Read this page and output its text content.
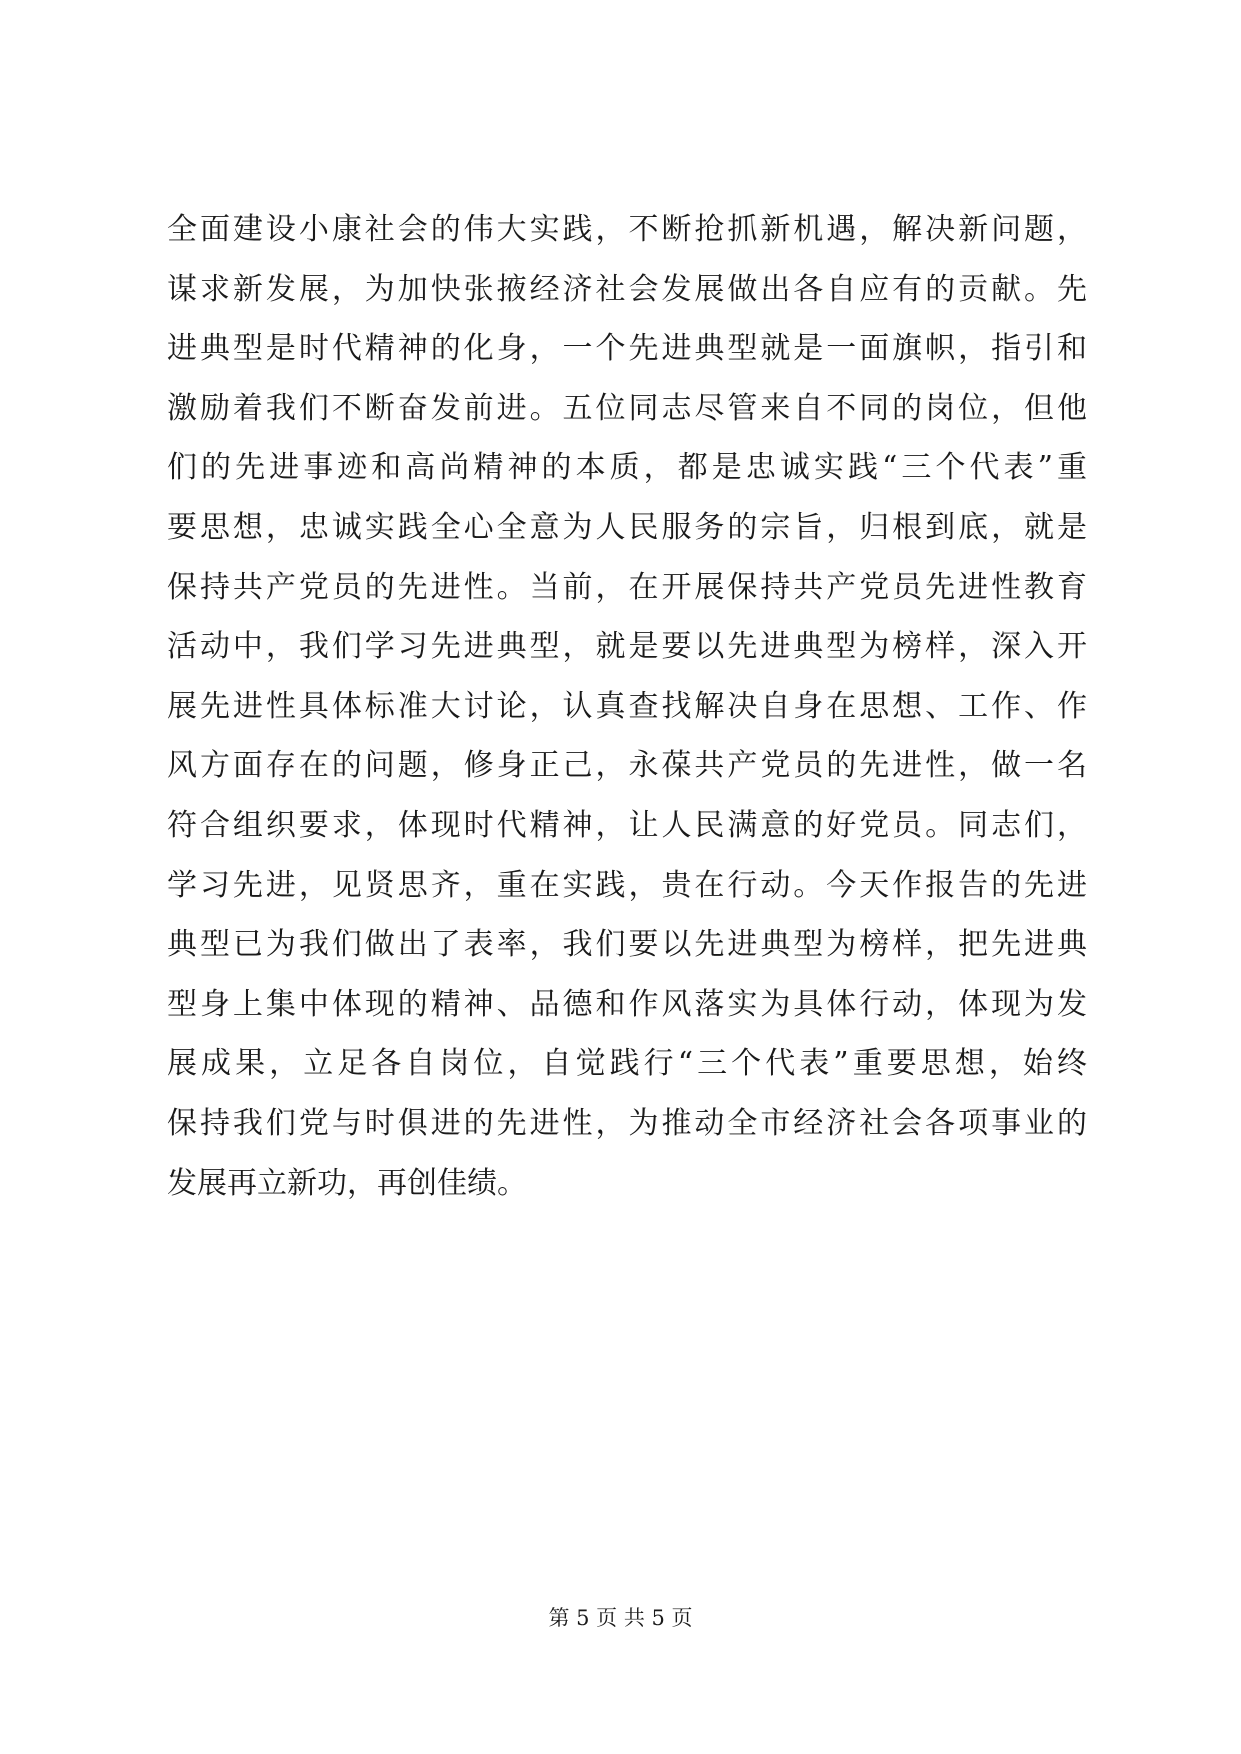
全面建设小康社会的伟大实践，不断抢抓新机遇，解决新问题，
谋求新发展，为加快张掖经济社会发展做出各自应有的贡献。先
进典型是时代精神的化身，一个先进典型就是一面旗帜，指引和
激励着我们不断奋发前进。五位同志尽管来自不同的岗位，但他
们的先进事迹和高尚精神的本质，都是忠诚实践“三个代表”重
要思想，忠诚实践全心全意为人民服务的宗旨，归根到底，就是
保持共产党员的先进性。当前，在开展保持共产党员先进性教育
活动中，我们学习先进典型，就是要以先进典型为榜样，深入开
展先进性具体标准大讨论，认真查找解决自身在思想、工作、作
风方面存在的问题，修身正己，永葆共产党员的先进性，做一名
符合组织要求，体现时代精神，让人民满意的好党员。同志们，
学习先进，见贤思齐，重在实践，贵在行动。今天作报告的先进
典型已为我们做出了表率，我们要以先进典型为榜样，把先进典
型身上集中体现的精神、品德和作风落实为具体行动，体现为发
展成果，立足各自岗位，自觉践行“三个代表”重要思想，始终
保持我们党与时俱进的先进性，为推动全市经济社会各项事业的
发展再立新功，再创佳绩。
第 5 页 共 5 页
